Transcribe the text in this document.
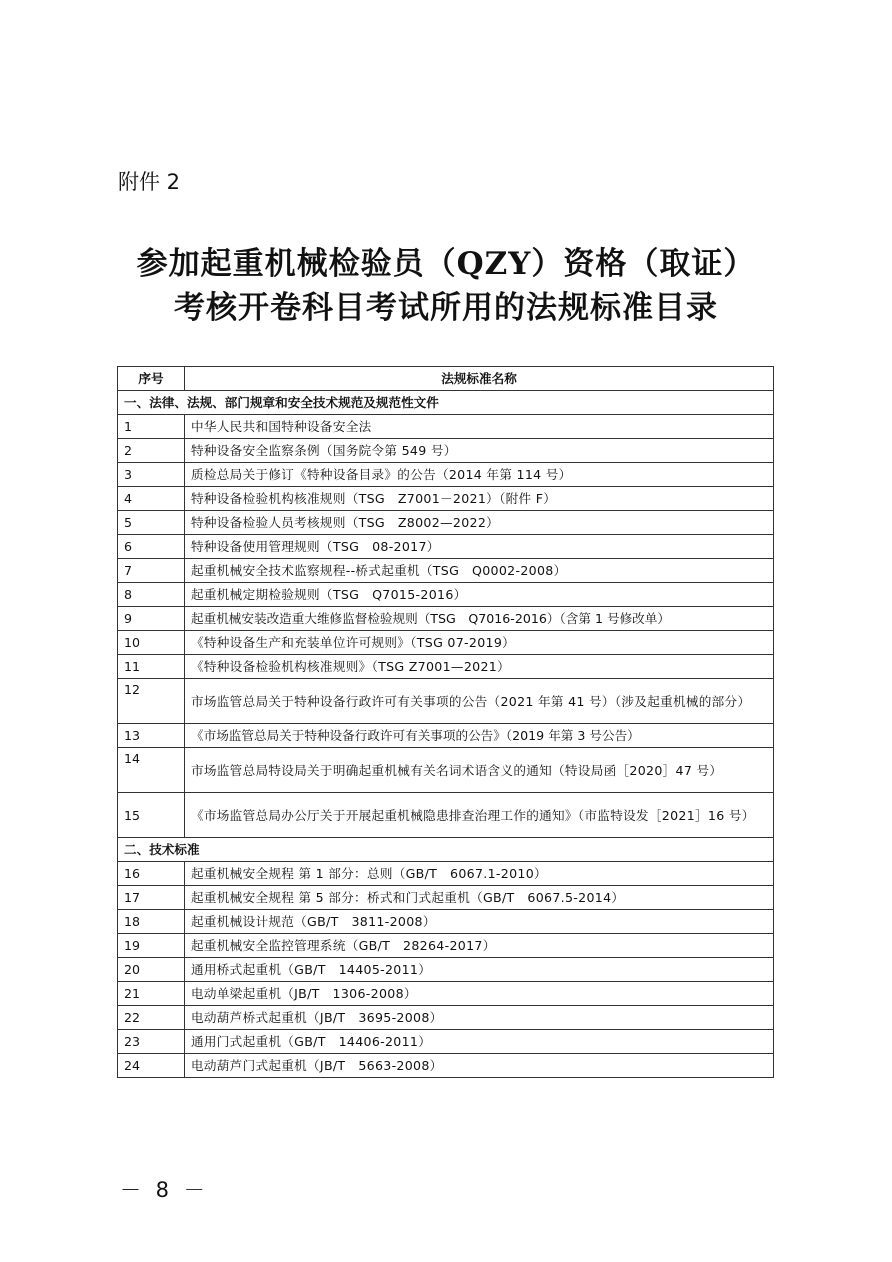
附件 2
参加起重机械检验员（QZY）资格（取证）
考核开卷科目考试所用的法规标准目录
序号	法规标准名称
一、法律、法规、部门规章和安全技术规范及规范性文件	
1	中华人民共和国特种设备安全法
2	特种设备安全监察条例（国务院令第 549 号）
3	质检总局关于修订《特种设备目录》的公告（2014 年第 114 号）
4	特种设备检验机构核准规则（TSG　Z7001－2021）（附件 F）
5	特种设备检验人员考核规则（TSG　Z8002—2022）
6	特种设备使用管理规则（TSG　08-2017）
7	起重机械安全技术监察规程--桥式起重机（TSG　Q0002-2008）
8	起重机械定期检验规则（TSG　Q7015-2016）
9	起重机械安装改造重大维修监督检验规则（TSG　Q7016-2016）（含第 1 号修改单）
10	《特种设备生产和充装单位许可规则》（TSG 07-2019）
11	《特种设备检验机构核准规则》（TSG Z7001—2021）
12	市场监管总局关于特种设备行政许可有关事项的公告（2021 年第 41 号）（涉及起重机械的部分）
13	《市场监管总局关于特种设备行政许可有关事项的公告》（2019 年第 3 号公告）
14	市场监管总局特设局关于明确起重机械有关名词术语含义的通知（特设局函［2020］47 号）
15	《市场监管总局办公厅关于开展起重机械隐患排查治理工作的通知》（市监特设发［2021］16 号）
二、技术标准	
16	起重机械安全规程 第 1 部分：总则（GB/T　6067.1-2010）
17	起重机械安全规程 第 5 部分：桥式和门式起重机（GB/T　6067.5-2014）
18	起重机械设计规范（GB/T　3811-2008）
19	起重机械安全监控管理系统（GB/T　28264-2017）
20	通用桥式起重机（GB/T　14405-2011）
21	电动单梁起重机（JB/T　1306-2008）
22	电动葫芦桥式起重机（JB/T　3695-2008）
23	通用门式起重机（GB/T　14406-2011）
24	电动葫芦门式起重机（JB/T　5663-2008）
－ 8 －
